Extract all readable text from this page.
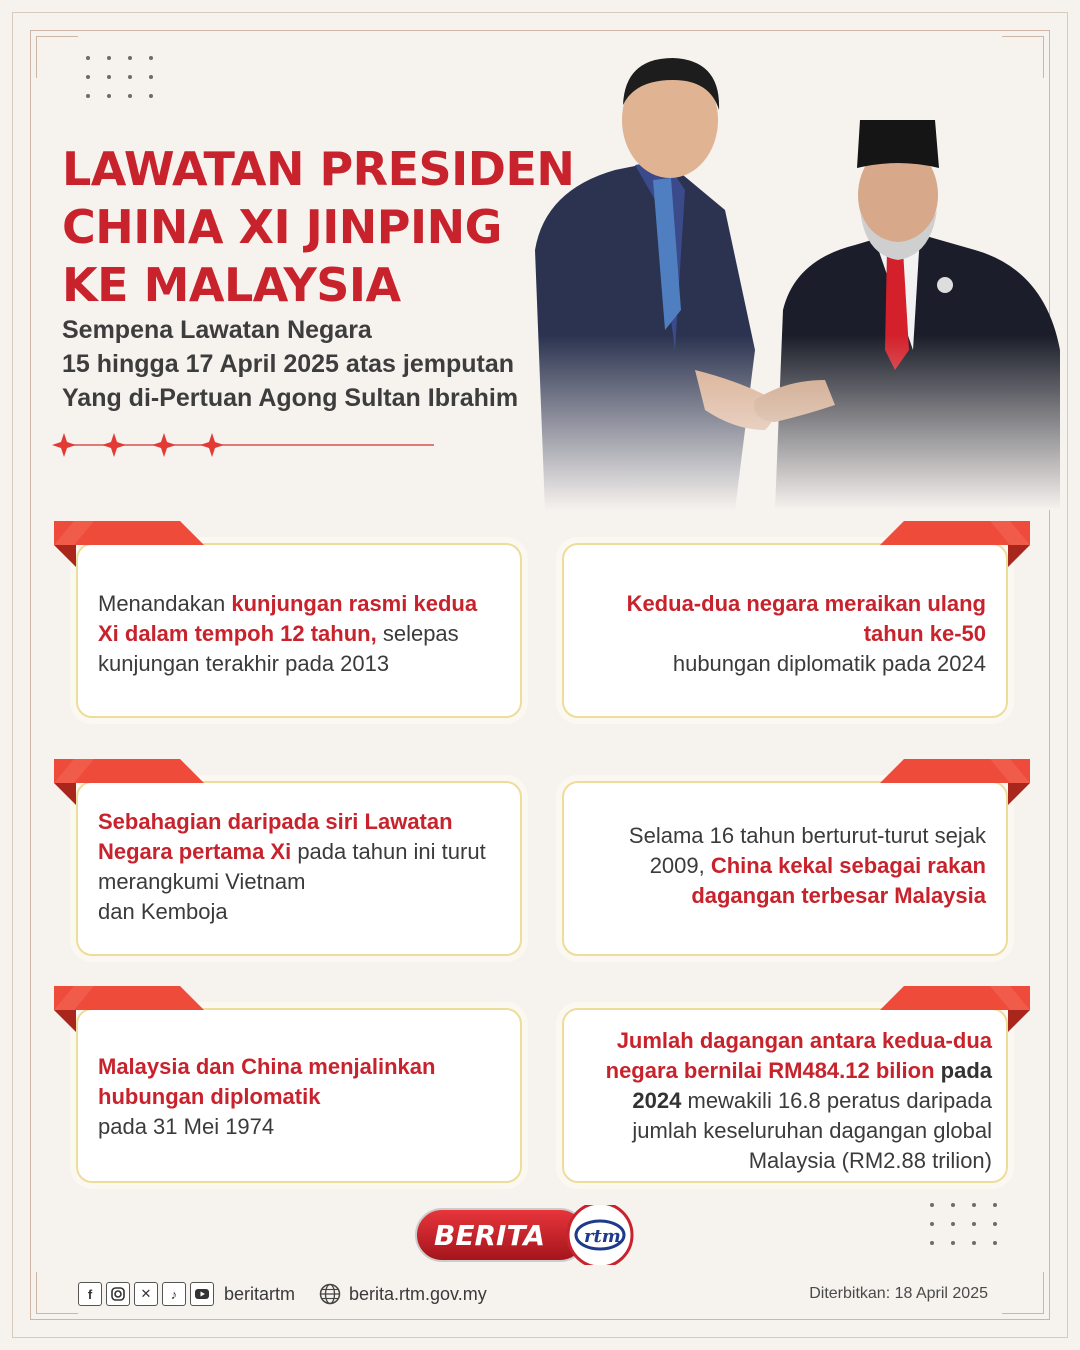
LAWATAN PRESIDEN
CHINA XI JINPING
KE MALAYSIA
Sempena Lawatan Negara
15 hingga 17 April 2025 atas jemputan
Yang di-Pertuan Agong Sultan Ibrahim
Menandakan kunjungan rasmi kedua Xi dalam tempoh 12 tahun, selepas kunjungan terakhir pada 2013
Kedua-dua negara meraikan ulang tahun ke-50
hubungan diplomatik pada 2024
Sebahagian daripada siri Lawatan Negara pertama Xi pada tahun ini turut merangkumi Vietnam
dan Kemboja
Selama 16 tahun berturut-turut sejak 2009, China kekal sebagai rakan dagangan terbesar Malaysia
Malaysia dan China menjalinkan hubungan diplomatik
pada 31 Mei 1974
Jumlah dagangan antara kedua-dua negara bernilai RM484.12 bilion pada 2024 mewakili 16.8 peratus daripada jumlah keseluruhan dagangan global Malaysia (RM2.88 trilion)
BERITA rtm
f	✕	♪	beritartm	berita.rtm.gov.my	Diterbitkan: 18 April 2025
